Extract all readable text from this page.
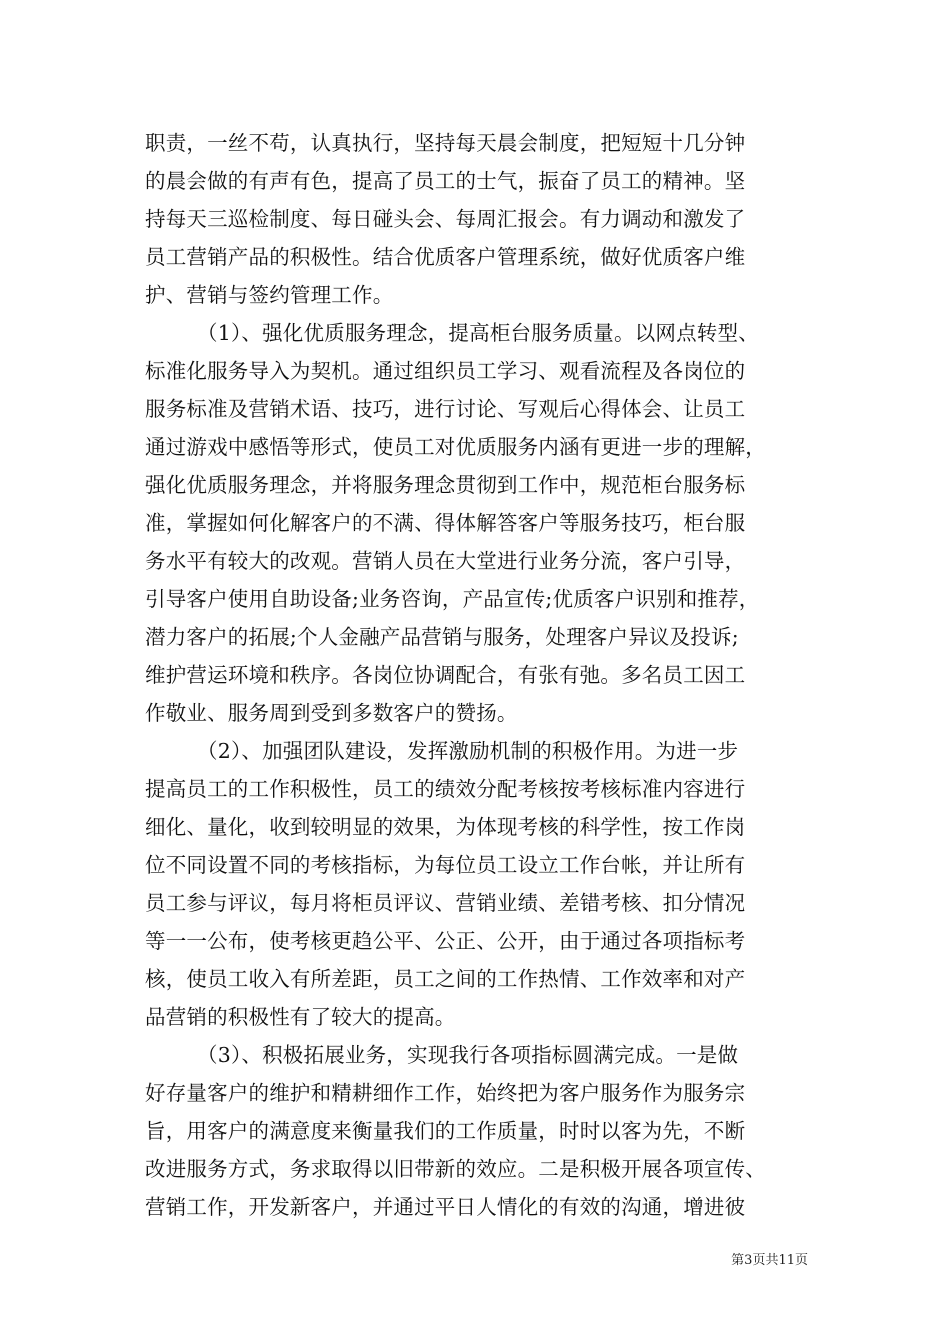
职责，一丝不苟，认真执行，坚持每天晨会制度，把短短十几分钟
的晨会做的有声有色，提高了员工的士气，振奋了员工的精神。坚
持每天三巡检制度、每日碰头会、每周汇报会。有力调动和激发了
员工营销产品的积极性。结合优质客户管理系统，做好优质客户维
护、营销与签约管理工作。
（1）、强化优质服务理念，提高柜台服务质量。以网点转型、
标准化服务导入为契机。通过组织员工学习、观看流程及各岗位的
服务标准及营销术语、技巧，进行讨论、写观后心得体会、让员工
通过游戏中感悟等形式，使员工对优质服务内涵有更进一步的理解，
强化优质服务理念，并将服务理念贯彻到工作中，规范柜台服务标
准，掌握如何化解客户的不满、得体解答客户等服务技巧，柜台服
务水平有较大的改观。营销人员在大堂进行业务分流，客户引导，
引导客户使用自助设备;业务咨询，产品宣传;优质客户识别和推荐，
潜力客户的拓展;个人金融产品营销与服务，处理客户异议及投诉;
维护营运环境和秩序。各岗位协调配合，有张有弛。多名员工因工
作敬业、服务周到受到多数客户的赞扬。
（2）、加强团队建设，发挥激励机制的积极作用。为进一步
提高员工的工作积极性，员工的绩效分配考核按考核标准内容进行
细化、量化，收到较明显的效果，为体现考核的科学性，按工作岗
位不同设置不同的考核指标，为每位员工设立工作台帐，并让所有
员工参与评议，每月将柜员评议、营销业绩、差错考核、扣分情况
等一一公布，使考核更趋公平、公正、公开，由于通过各项指标考
核，使员工收入有所差距，员工之间的工作热情、工作效率和对产
品营销的积极性有了较大的提高。
（3）、积极拓展业务，实现我行各项指标圆满完成。一是做
好存量客户的维护和精耕细作工作，始终把为客户服务作为服务宗
旨，用客户的满意度来衡量我们的工作质量，时时以客为先，不断
改进服务方式，务求取得以旧带新的效应。二是积极开展各项宣传、
营销工作，开发新客户，并通过平日人情化的有效的沟通，增进彼
第3页共11页
